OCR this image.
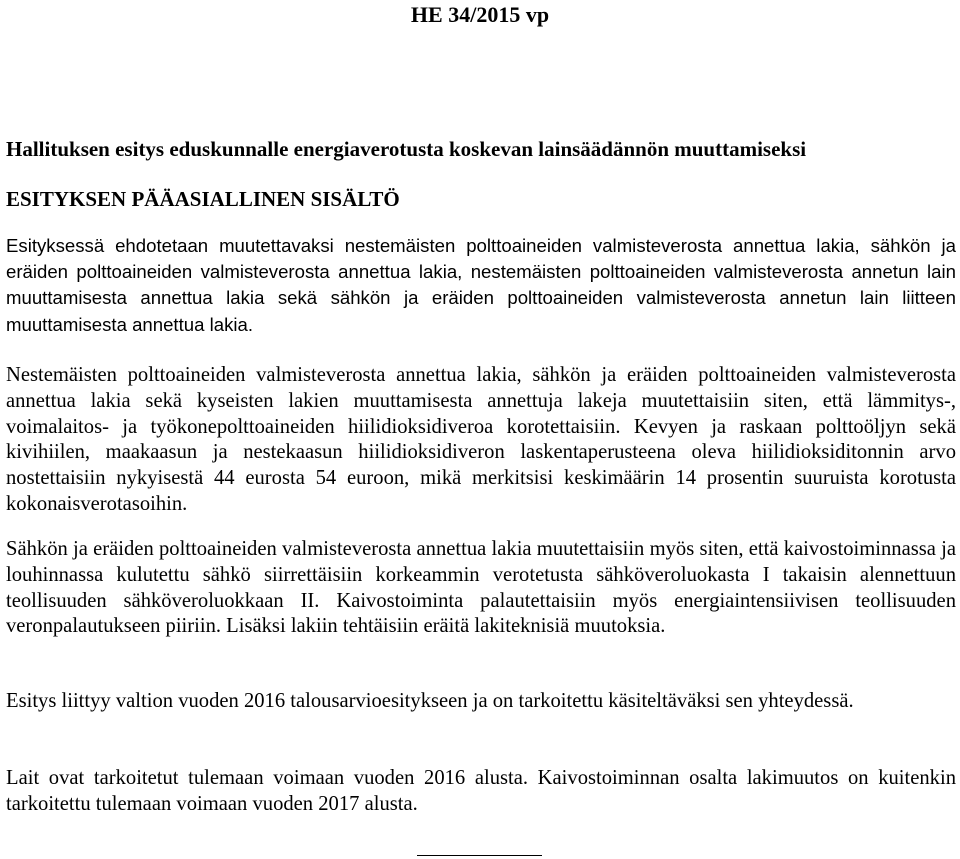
HE 34/2015 vp
Hallituksen esitys eduskunnalle energiaverotusta koskevan lainsäädännön muuttamiseksi
ESITYKSEN PÄÄASIALLINEN SISÄLTÖ

Esityksessä ehdotetaan muutettavaksi nestemäisten polttoaineiden valmisteverosta annettua lakia, sähkön ja eräiden polttoaineiden valmisteverosta annettua lakia, nestemäisten polttoaineiden valmisteverosta annetun lain muuttamisesta annettua lakia sekä sähkön ja eräiden polttoaineiden valmisteverosta annetun lain liitteen muuttamisesta annettua lakia.

Nestemäisten polttoaineiden valmisteverosta annettua lakia, sähkön ja eräiden polttoaineiden valmisteverosta annettua lakia sekä kyseisten lakien muuttamisesta annettuja lakeja muutettaisiin siten, että lämmitys-, voimalaitos- ja työkonepolttoaineiden hiilidioksidiveroa korotettaisiin. Kevyen ja raskaan polttoöljyn sekä kivihiilen, maakaasun ja nestekaasun hiilidioksidiveron laskentaperusteena oleva hiilidioksiditonnin arvo nostettaisiin nykyisestä 44 eurosta 54 euroon, mikä merkitsisi keskimäärin 14 prosentin suuruista korotusta kokonaisverotasoihin.

Sähkön ja eräiden polttoaineiden valmisteverosta annettua lakia muutettaisiin myös siten, että kaivostoiminnassa ja louhinnassa kulutettu sähkö siirrettäisiin korkeammin verotetusta sähköveroluokasta I takaisin alennettuun teollisuuden sähköveroluokkaan II. Kaivostoiminta palautettaisiin myös energiaintensiivisen teollisuuden veronpalautukseen piiriin. Lisäksi lakiin tehtäisiin eräitä lakiteknisiä muutoksia.

Esitys liittyy valtion vuoden 2016 talousarvioesitykseen ja on tarkoitettu käsiteltäväksi sen yhteydessä.

Lait ovat tarkoitetut tulemaan voimaan vuoden 2016 alusta. Kaivostoiminnan osalta lakimuutos on kuitenkin tarkoitettu tulemaan voimaan vuoden 2017 alusta.
